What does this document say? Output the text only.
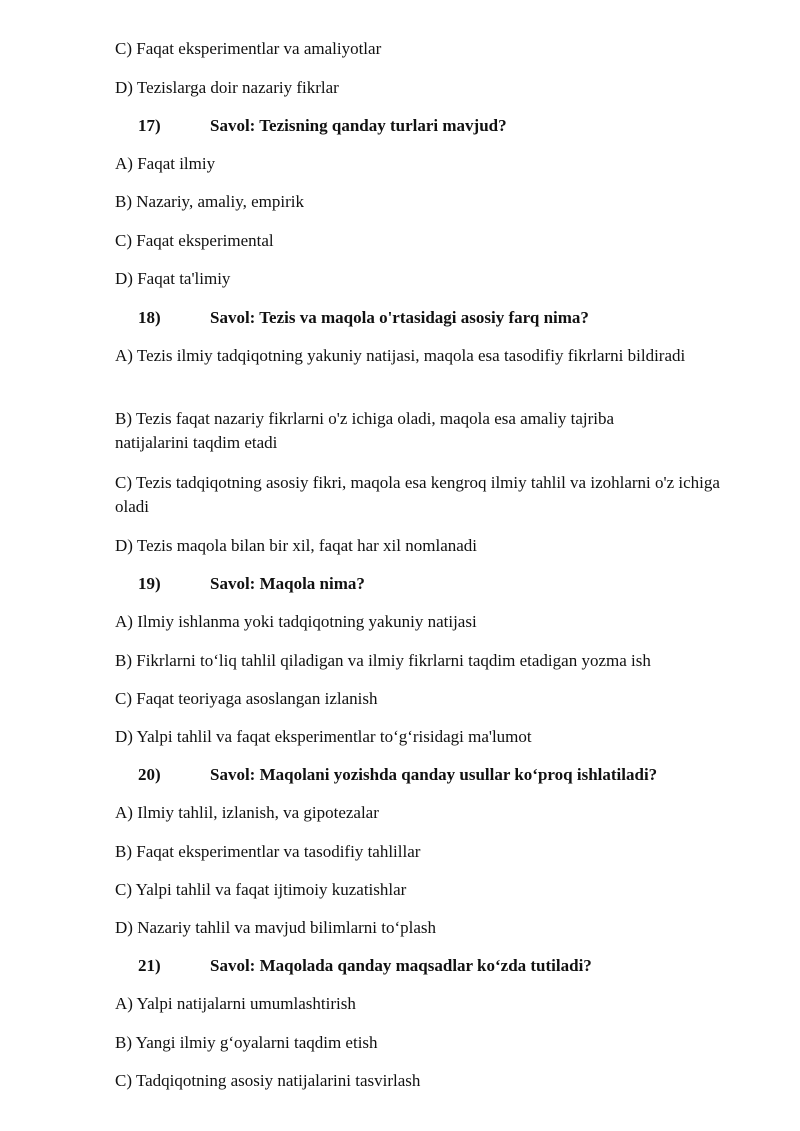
C) Faqat eksperimentlar va amaliyotlar
D) Tezislarga doir nazariy fikrlar
17)	Savol: Tezisning qanday turlari mavjud?
A) Faqat ilmiy
B) Nazariy, amaliy, empirik
C) Faqat eksperimental
D) Faqat ta'limiy
18)	Savol: Tezis va maqola o'rtasidagi asosiy farq nima?
A) Tezis ilmiy tadqiqotning yakuniy natijasi, maqola esa tasodifiy fikrlarni bildiradi
B) Tezis faqat nazariy fikrlarni o'z ichiga oladi, maqola esa amaliy tajriba natijalarini taqdim etadi
C) Tezis tadqiqotning asosiy fikri, maqola esa kengroq ilmiy tahlil va izohlarni o'z ichiga oladi
D) Tezis maqola bilan bir xil, faqat har xil nomlanadi
19)	Savol: Maqola nima?
A) Ilmiy ishlanma yoki tadqiqotning yakuniy natijasi
B) Fikrlarni to‘liq tahlil qiladigan va ilmiy fikrlarni taqdim etadigan yozma ish
C) Faqat teoriyaga asoslangan izlanish
D) Yalpi tahlil va faqat eksperimentlar to‘g‘risidagi ma'lumot
20)	Savol: Maqolani yozishda qanday usullar ko‘proq ishlatiladi?
A) Ilmiy tahlil, izlanish, va gipotezalar
B) Faqat eksperimentlar va tasodifiy tahlillar
C) Yalpi tahlil va faqat ijtimoiy kuzatishlar
D) Nazariy tahlil va mavjud bilimlarni to‘plash
21)	Savol: Maqolada qanday maqsadlar ko‘zda tutiladi?
A) Yalpi natijalarni umumlashtirish
B) Yangi ilmiy g‘oyalarni taqdim etish
C) Tadqiqotning asosiy natijalarini tasvirlash
